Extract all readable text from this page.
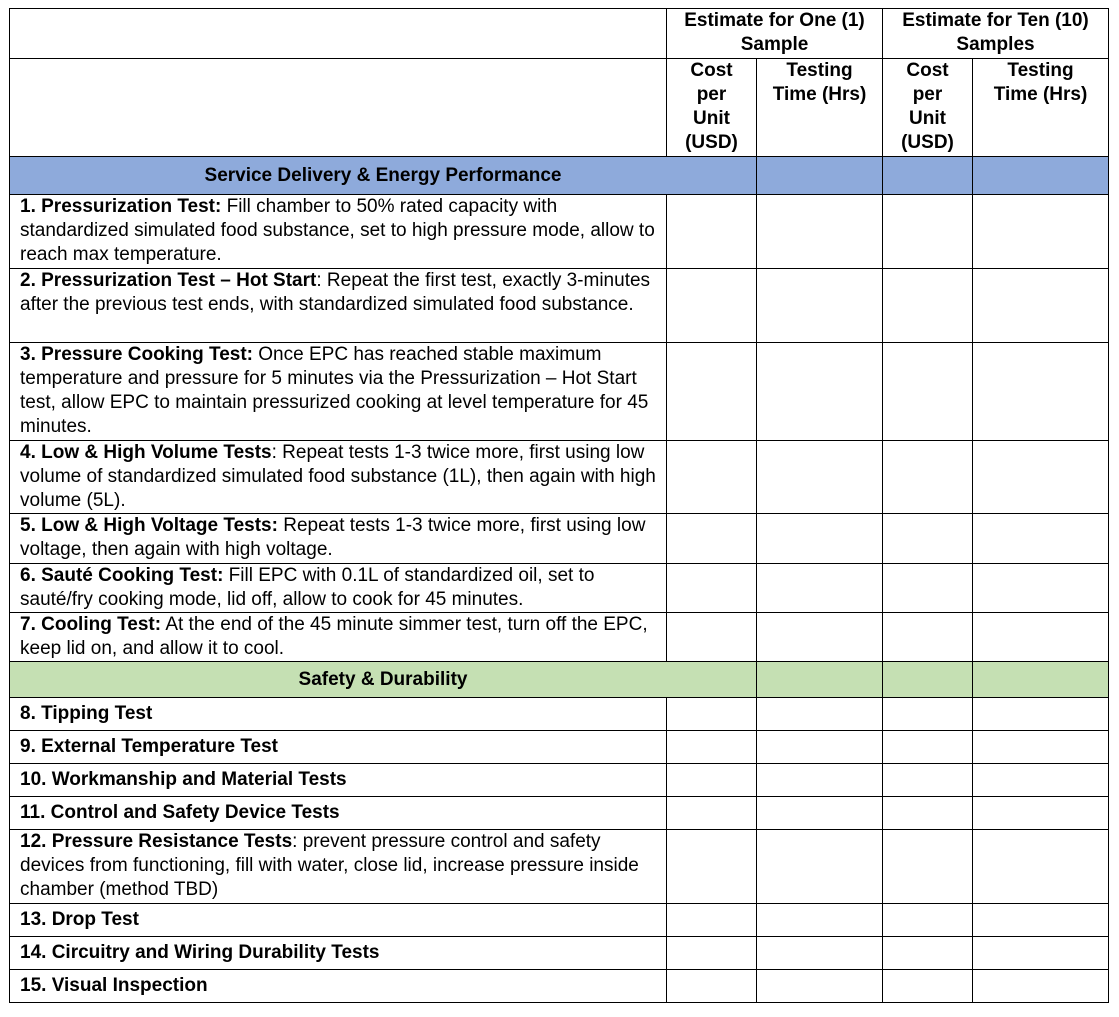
	Estimate for One (1) Sample		Estimate for Ten (10) Samples	
	Cost per Unit (USD)	Testing Time (Hrs)	Cost per Unit (USD)	Testing Time (Hrs)
Service Delivery & Energy Performance				
1. Pressurization Test: Fill chamber to 50% rated capacity with standardized simulated food substance, set to high pressure mode, allow to reach max temperature.				
2. Pressurization Test – Hot Start: Repeat the first test, exactly 3-minutes after the previous test ends, with standardized simulated food substance.				
3. Pressure Cooking Test: Once EPC has reached stable maximum temperature and pressure for 5 minutes via the Pressurization – Hot Start test, allow EPC to maintain pressurized cooking at level temperature for 45 minutes.				
4. Low & High Volume Tests: Repeat tests 1-3 twice more, first using low volume of standardized simulated food substance (1L), then again with high volume (5L).				
5. Low & High Voltage Tests: Repeat tests 1-3 twice more, first using low voltage, then again with high voltage.				
6. Sauté Cooking Test: Fill EPC with 0.1L of standardized oil, set to sauté/fry cooking mode, lid off, allow to cook for 45 minutes.				
7. Cooling Test: At the end of the 45 minute simmer test, turn off the EPC, keep lid on, and allow it to cool.				
Safety & Durability				
8. Tipping Test				
9. External Temperature Test				
10. Workmanship and Material Tests				
11. Control and Safety Device Tests				
12. Pressure Resistance Tests: prevent pressure control and safety devices from functioning, fill with water, close lid, increase pressure inside chamber (method TBD)				
13. Drop Test				
14. Circuitry and Wiring Durability Tests				
15. Visual Inspection				
